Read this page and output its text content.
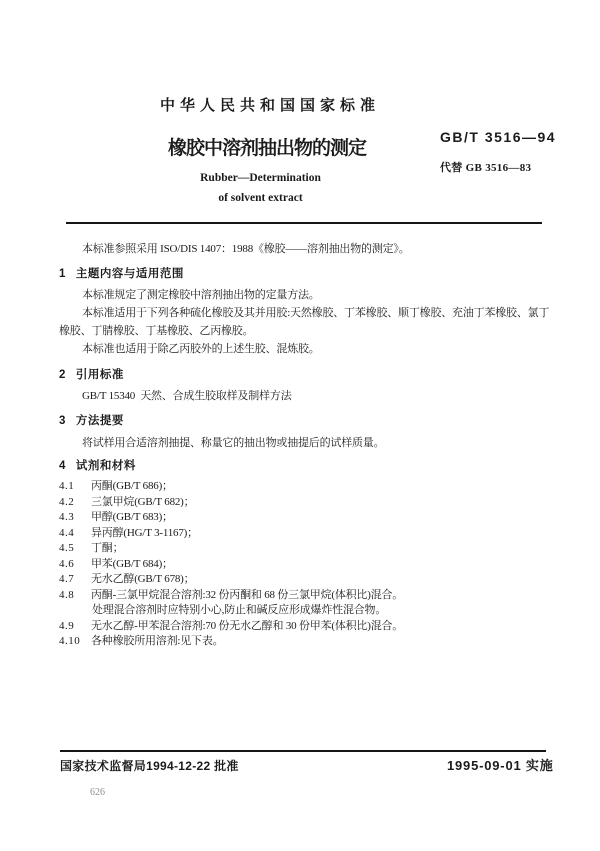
中华人民共和国国家标准
橡胶中溶剂抽出物的测定
GB/T 3516—94
代替 GB 3516—83
Rubber—Determination
of solvent extract
本标准参照采用 ISO/DIS 1407：1988《橡胶——溶剂抽出物的测定》。
1 主题内容与适用范围
本标准规定了测定橡胶中溶剂抽出物的定量方法。
本标准适用于下列各种硫化橡胶及其并用胶:天然橡胶、丁苯橡胶、顺丁橡胶、充油丁苯橡胶、氯丁
橡胶、丁腈橡胶、丁基橡胶、乙丙橡胶。
本标准也适用于除乙丙胶外的上述生胶、混炼胶。
2 引用标准
GB/T 15340  天然、合成生胶取样及制样方法
3 方法提要
将试样用合适溶剂抽提、称量它的抽出物或抽提后的试样质量。
4 试剂和材料
4.1 丙酮(GB/T 686)；
4.2 三氯甲烷(GB/T 682)；
4.3 甲醇(GB/T 683)；
4.4 异丙醇(HG/T 3-1167)；
4.5 丁酮；
4.6 甲苯(GB/T 684)；
4.7 无水乙醇(GB/T 678)；
4.8 丙酮-三氯甲烷混合溶剂:32 份丙酮和 68 份三氯甲烷(体积比)混合。
处理混合溶剂时应特别小心,防止和碱反应形成爆炸性混合物。
4.9 无水乙醇-甲苯混合溶剂:70 份无水乙醇和 30 份甲苯(体积比)混合。
4.10 各种橡胶所用溶剂:见下表。
国家技术监督局1994-12-22 批准	1995-09-01 实施
626
